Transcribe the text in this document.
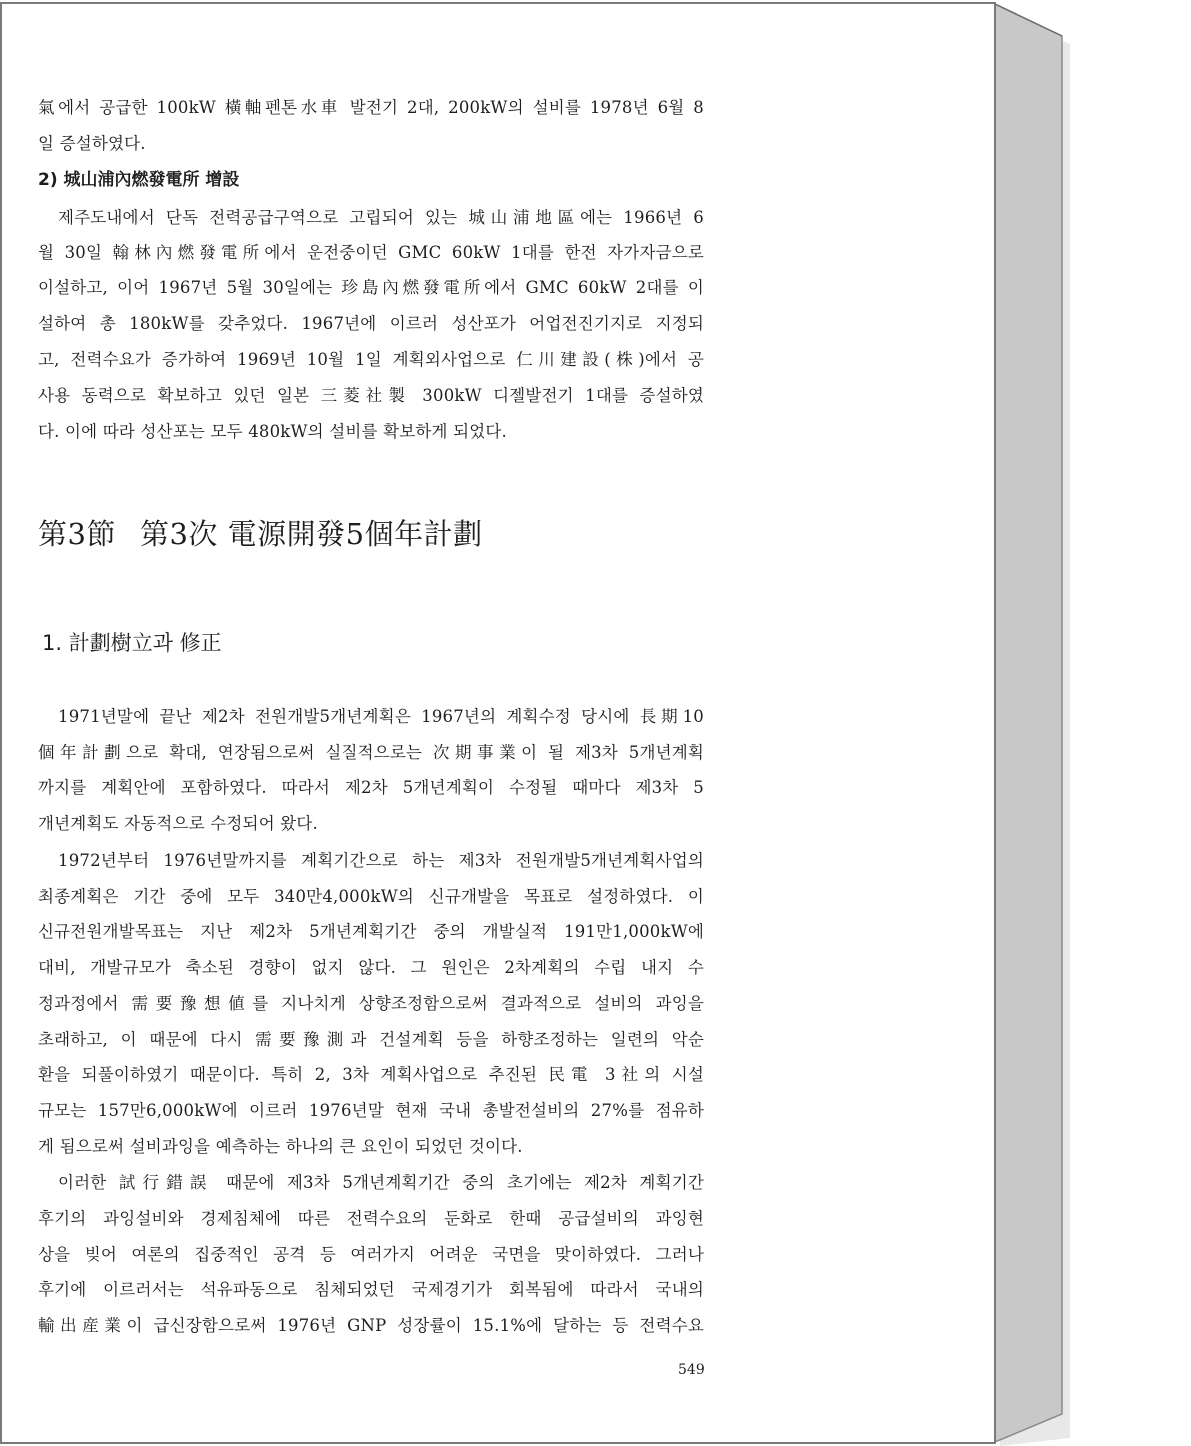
氣에서 공급한 100kW 橫軸펜톤水車 발전기 2대, 200kW의 설비를 1978년 6월 8
일 증설하였다.
2) 城山浦內燃發電所 增設
제주도내에서 단독 전력공급구역으로 고립되어 있는 城山浦地區에는 1966년 6
월 30일 翰林內燃發電所에서 운전중이던 GMC 60kW 1대를 한전 자가자금으로
이설하고, 이어 1967년 5월 30일에는 珍島內燃發電所에서 GMC 60kW 2대를 이
설하여 총 180kW를 갖추었다. 1967년에 이르러 성산포가 어업전진기지로 지정되
고, 전력수요가 증가하여 1969년 10월 1일 계획외사업으로 仁川建設(株)에서 공
사용 동력으로 확보하고 있던 일본 三菱社製 300kW 디젤발전기 1대를 증설하였
다. 이에 따라 성산포는 모두 480kW의 설비를 확보하게 되었다.
第3節 第3次 電源開發5個年計劃
1. 計劃樹立과 修正
1971년말에 끝난 제2차 전원개발5개년계획은 1967년의 계획수정 당시에 長期10
個年計劃으로 확대, 연장됨으로써 실질적으로는 次期事業이 될 제3차 5개년계획
까지를 계획안에 포함하였다. 따라서 제2차 5개년계획이 수정될 때마다 제3차 5
개년계획도 자동적으로 수정되어 왔다.
1972년부터 1976년말까지를 계획기간으로 하는 제3차 전원개발5개년계획사업의
최종계획은 기간 중에 모두 340만4,000kW의 신규개발을 목표로 설정하였다. 이
신규전원개발목표는 지난 제2차 5개년계획기간 중의 개발실적 191만1,000kW에
대비, 개발규모가 축소된 경향이 없지 않다. 그 원인은 2차계획의 수립 내지 수
정과정에서 需要豫想値를 지나치게 상향조정함으로써 결과적으로 설비의 과잉을
초래하고, 이 때문에 다시 需要豫測과 건설계획 등을 하향조정하는 일련의 악순
환을 되풀이하였기 때문이다. 특히 2, 3차 계획사업으로 추진된 民電 3社의 시설
규모는 157만6,000kW에 이르러 1976년말 현재 국내 총발전설비의 27%를 점유하
게 됨으로써 설비과잉을 예측하는 하나의 큰 요인이 되었던 것이다.
이러한 試行錯誤 때문에 제3차 5개년계획기간 중의 초기에는 제2차 계획기간
후기의 과잉설비와 경제침체에 따른 전력수요의 둔화로 한때 공급설비의 과잉현
상을 빚어 여론의 집중적인 공격 등 여러가지 어려운 국면을 맞이하였다. 그러나
후기에 이르러서는 석유파동으로 침체되었던 국제경기가 회복됨에 따라서 국내의
輸出産業이 급신장함으로써 1976년 GNP 성장률이 15.1%에 달하는 등 전력수요
549
